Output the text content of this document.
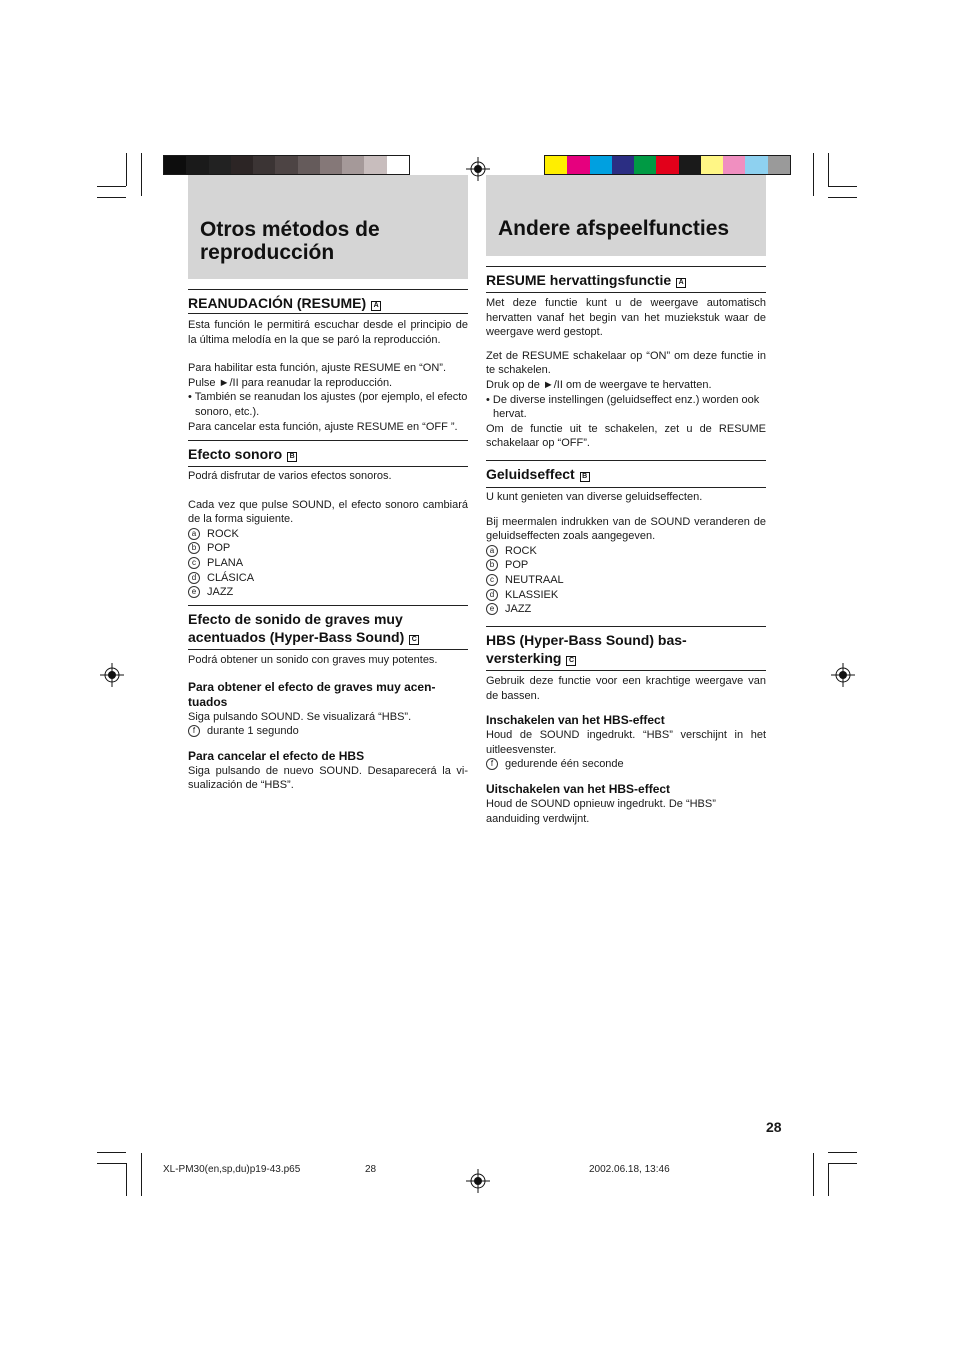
Otros métodos de
reproducción
REANUDACIÓN (RESUME) A

Esta función le permitirá escuchar desde el principio de la última melodía en la que se paró la reproducción.

Para habilitar esta función, ajuste RESUME en “ON”.

Pulse ►/II para reanudar la reproducción.

• También se reanudan los ajustes (por ejemplo, el efecto sonoro, etc.).

Para cancelar esta función, ajuste RESUME en “OFF ”.

Efecto sonoro B

Podrá disfrutar de varios efectos sonoros.

Cada vez que pulse SOUND, el efecto sonoro cambiará de la forma siguiente.

a ROCK
b POP
c	PLANA
d CLÁSICA
e JAZZ
Efecto de sonido de graves muy
acentuados (Hyper-Bass Sound) C

Podrá obtener un sonido con graves muy potentes.

Para obtener el efecto de graves muy acen-tuados

Siga pulsando SOUND. Se visualizará “HBS”.

f	durante 1 segundo

Para cancelar el efecto de HBS

Siga pulsando de nuevo SOUND. Desaparecerá la vi-sualización de “HBS”.

Andere afspeelfuncties
RESUME hervattingsfunctie A

Met deze functie kunt u de weergave automatisch hervatten vanaf het begin van het muziekstuk waar de weergave werd gestopt.

Zet de RESUME schakelaar op “ON” om deze functie in te schakelen.

Druk op de ►/II om de weergave te hervatten.

• De diverse instellingen (geluidseffect enz.) worden ook hervat.

Om de functie uit te schakelen, zet u de RESUME schakelaar op “OFF”.

Geluidseffect B

U kunt genieten van diverse geluidseffecten.

Bij meermalen indrukken van de SOUND veranderen de geluidseffecten zoals aangegeven.

a ROCK
b POP
c	NEUTRAAL
d KLASSIEK
e JAZZ
HBS (Hyper-Bass Sound) bas-
versterking C

Gebruik deze functie voor een krachtige weergave van de bassen.

Inschakelen van het HBS-effect

Houd de SOUND ingedrukt. “HBS” verschijnt in het uitleesvenster.

f	gedurende één seconde

Uitschakelen van het HBS-effect

Houd de SOUND opnieuw ingedrukt. De “HBS” aanduiding verdwijnt.

28
XL-PM30(en,sp,du)p19-43.p65	28	2002.06.18, 13:46
